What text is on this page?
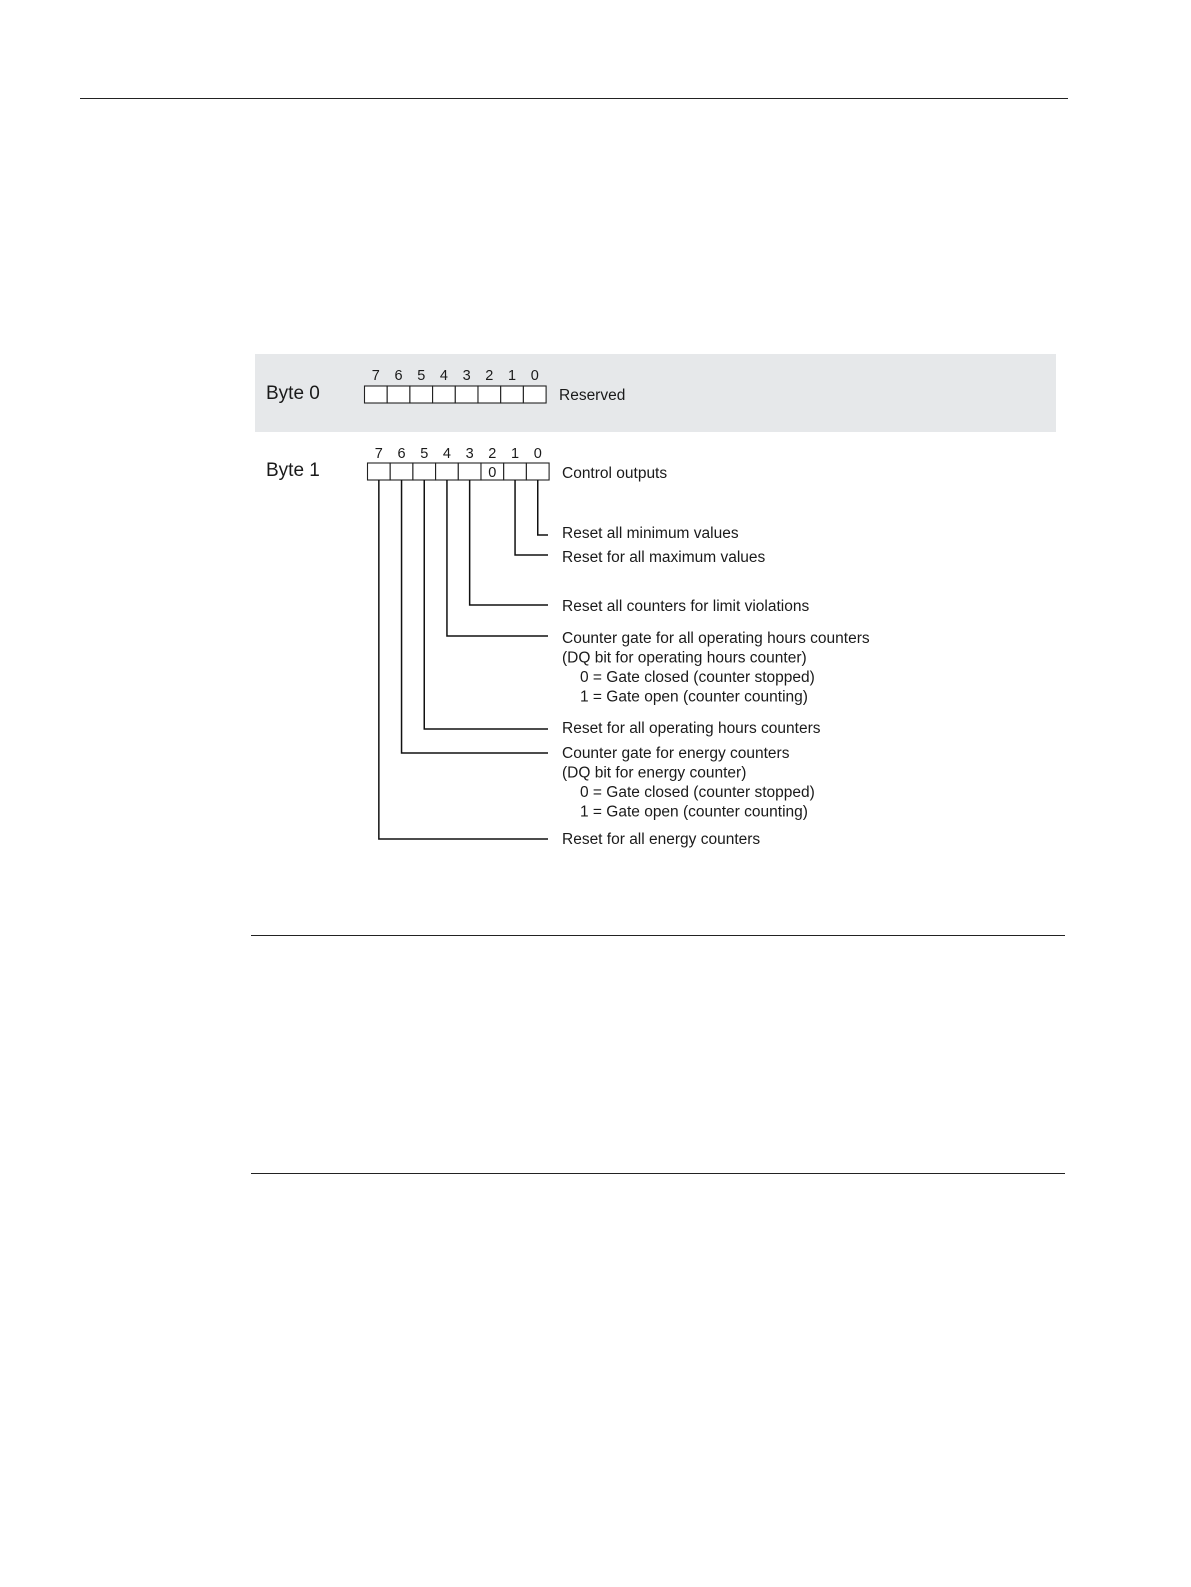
Byte 0
7 6 5 4 3 2 1 0
Reserved
Byte 1
7 6 5 4 3 2 1 0
0	Control outputs
Reset all minimum values
Reset for all maximum values
Reset all counters for limit violations
Counter gate for all operating hours counters
(DQ bit for operating hours counter)
0 = Gate closed (counter stopped)
1 = Gate open (counter counting)
Reset for all operating hours counters
Counter gate for energy counters
(DQ bit for energy counter)
0 = Gate closed (counter stopped)
1 = Gate open (counter counting)
Reset for all energy counters
